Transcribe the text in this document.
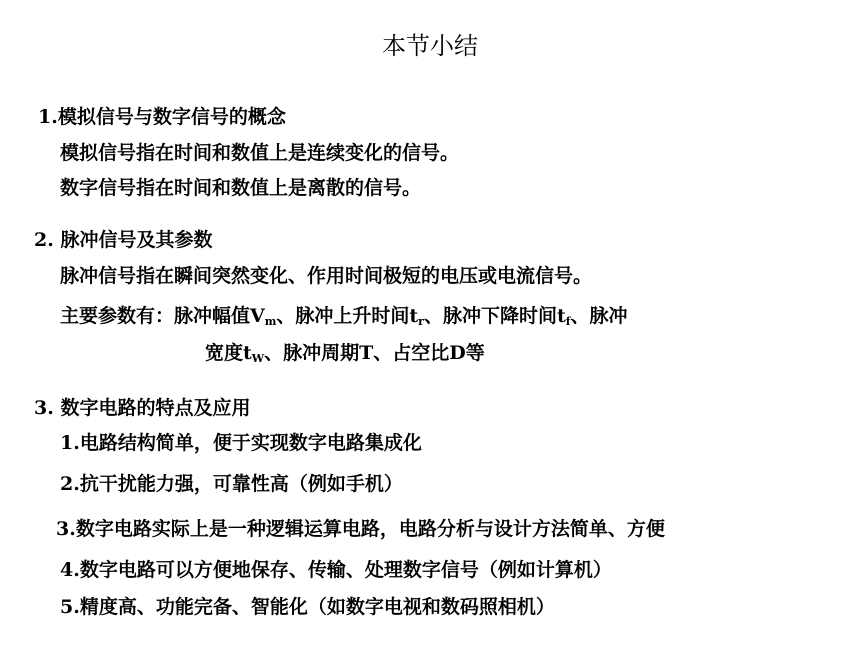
本节小结
1.模拟信号与数字信号的概念
模拟信号指在时间和数值上是连续变化的信号。
数字信号指在时间和数值上是离散的信号。
2. 脉冲信号及其参数
脉冲信号指在瞬间突然变化、作用时间极短的电压或电流信号。
主要参数有：脉冲幅值$V_m$、脉冲上升时间$t_r$、脉冲下降时间$t_f$、脉冲
宽度$t_W$、脉冲周期T、占空比D等
3. 数字电路的特点及应用
1.电路结构简单，便于实现数字电路集成化
2.抗干扰能力强，可靠性高（例如手机）
3.数字电路实际上是一种逻辑运算电路，电路分析与设计方法简单、方便
4.数字电路可以方便地保存、传输、处理数字信号（例如计算机）
5.精度高、功能完备、智能化（如数字电视和数码照相机）
